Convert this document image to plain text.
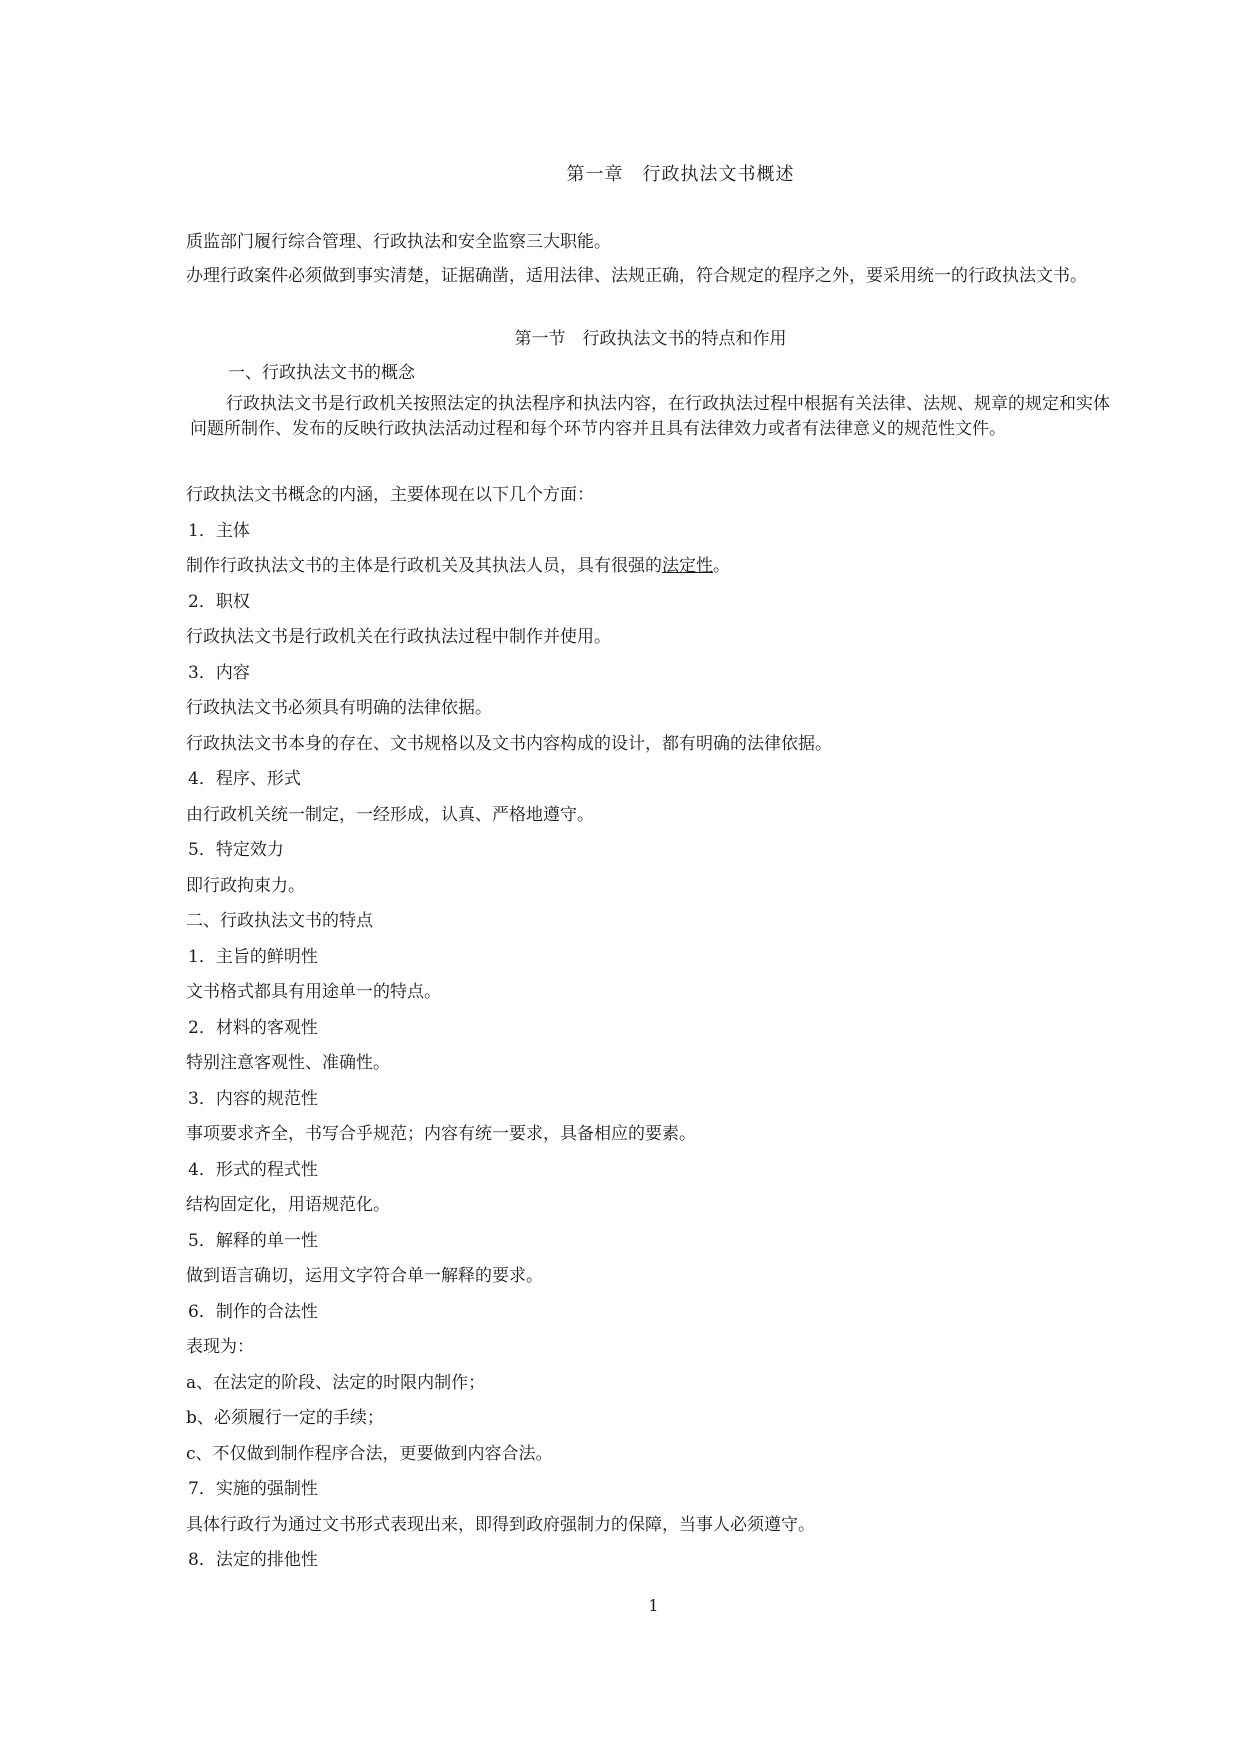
第一章　行政执法文书概述

质监部门履行综合管理、行政执法和安全监察三大职能。

办理行政案件必须做到事实清楚，证据确凿，适用法律、法规正确，符合规定的程序之外，要采用统一的行政执法文书。

第一节　行政执法文书的特点和作用
一、行政执法文书的概念

行政执法文书是行政机关按照法定的执法程序和执法内容，在行政执法过程中根据有关法律、法规、规章的规定和实体问题所制作、发布的反映行政执法活动过程和每个环节内容并且具有法律效力或者有法律意义的规范性文件。

行政执法文书概念的内涵，主要体现在以下几个方面：
1．主体
制作行政执法文书的主体是行政机关及其执法人员，具有很强的法定性。
2．职权
行政执法文书是行政机关在行政执法过程中制作并使用。
3．内容
行政执法文书必须具有明确的法律依据。
行政执法文书本身的存在、文书规格以及文书内容构成的设计，都有明确的法律依据。
4．程序、形式
由行政机关统一制定，一经形成，认真、严格地遵守。
5．特定效力
即行政拘束力。
二、行政执法文书的特点
1．主旨的鲜明性
文书格式都具有用途单一的特点。
2．材料的客观性
特别注意客观性、准确性。
3．内容的规范性
事项要求齐全，书写合乎规范；内容有统一要求，具备相应的要素。
4．形式的程式性
结构固定化，用语规范化。
5．解释的单一性
做到语言确切，运用文字符合单一解释的要求。
6．制作的合法性
表现为：
a、在法定的阶段、法定的时限内制作；
b、必须履行一定的手续；
c、不仅做到制作程序合法，更要做到内容合法。
7．实施的强制性
具体行政行为通过文书形式表现出来，即得到政府强制力的保障，当事人必须遵守。
8．法定的排他性
1
